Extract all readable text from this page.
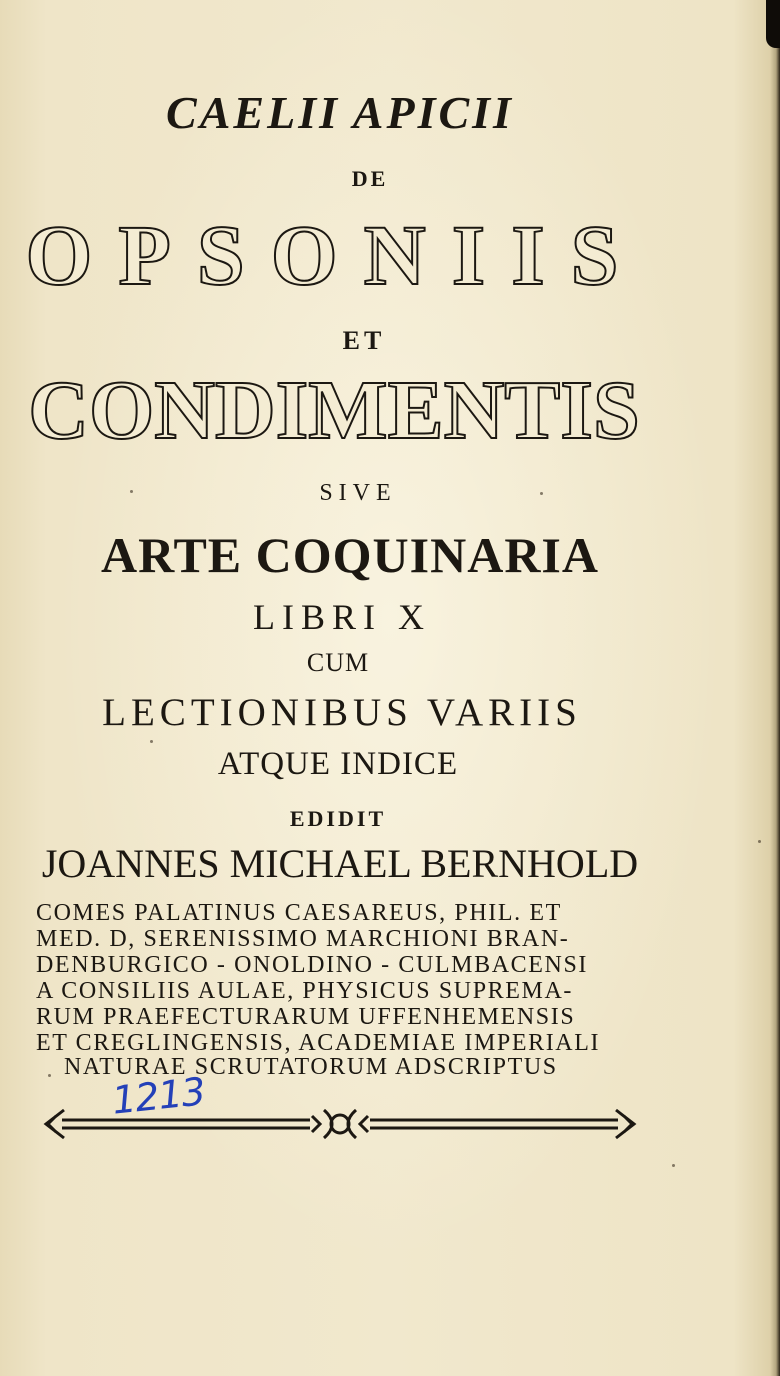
CAELII APICII
DE
OPSONIIS
ET
CONDIMENTIS
SIVE
ARTE COQUINARIA
LIBRI X
CUM
LECTIONIBUS VARIIS
ATQUE INDICE
EDIDIT
JOANNES MICHAEL BERNHOLD
COMES PALATINUS CAESAREUS, PHIL. ET
MED. D, SERENISSIMO MARCHIONI BRAN-
DENBURGICO - ONOLDINO - CULMBACENSI
A CONSILIIS AULAE, PHYSICUS SUPREMA-
RUM PRAEFECTURARUM UFFENHEMENSIS
ET CREGLINGENSIS, ACADEMIAE IMPERIALI
NATURAE SCRUTATORUM ADSCRIPTUS
1213
